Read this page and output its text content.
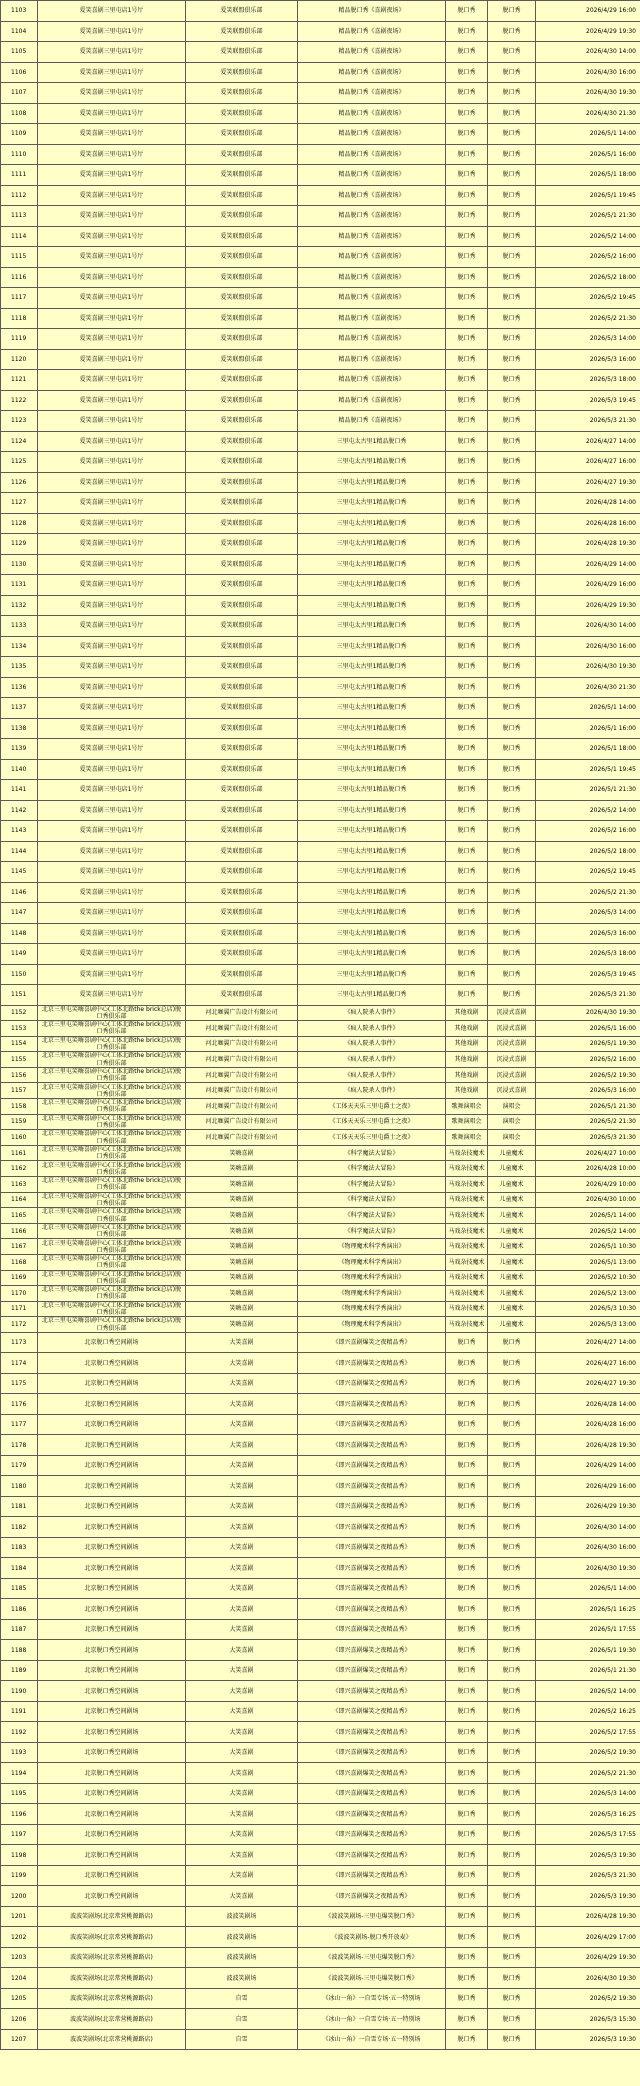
1103	爱笑喜剧三里屯店1号厅	爱笑联盟俱乐部	精品脱口秀《喜剧夜场》	脱口秀	脱口秀	2026/4/29 16:00
1104	爱笑喜剧三里屯店1号厅	爱笑联盟俱乐部	精品脱口秀《喜剧夜场》	脱口秀	脱口秀	2026/4/29 19:30
1105	爱笑喜剧三里屯店1号厅	爱笑联盟俱乐部	精品脱口秀《喜剧夜场》	脱口秀	脱口秀	2026/4/30 14:00
1106	爱笑喜剧三里屯店1号厅	爱笑联盟俱乐部	精品脱口秀《喜剧夜场》	脱口秀	脱口秀	2026/4/30 16:00
1107	爱笑喜剧三里屯店1号厅	爱笑联盟俱乐部	精品脱口秀《喜剧夜场》	脱口秀	脱口秀	2026/4/30 19:30
1108	爱笑喜剧三里屯店1号厅	爱笑联盟俱乐部	精品脱口秀《喜剧夜场》	脱口秀	脱口秀	2026/4/30 21:30
1109	爱笑喜剧三里屯店1号厅	爱笑联盟俱乐部	精品脱口秀《喜剧夜场》	脱口秀	脱口秀	2026/5/1 14:00
1110	爱笑喜剧三里屯店1号厅	爱笑联盟俱乐部	精品脱口秀《喜剧夜场》	脱口秀	脱口秀	2026/5/1 16:00
1111	爱笑喜剧三里屯店1号厅	爱笑联盟俱乐部	精品脱口秀《喜剧夜场》	脱口秀	脱口秀	2026/5/1 18:00
1112	爱笑喜剧三里屯店1号厅	爱笑联盟俱乐部	精品脱口秀《喜剧夜场》	脱口秀	脱口秀	2026/5/1 19:45
1113	爱笑喜剧三里屯店1号厅	爱笑联盟俱乐部	精品脱口秀《喜剧夜场》	脱口秀	脱口秀	2026/5/1 21:30
1114	爱笑喜剧三里屯店1号厅	爱笑联盟俱乐部	精品脱口秀《喜剧夜场》	脱口秀	脱口秀	2026/5/2 14:00
1115	爱笑喜剧三里屯店1号厅	爱笑联盟俱乐部	精品脱口秀《喜剧夜场》	脱口秀	脱口秀	2026/5/2 16:00
1116	爱笑喜剧三里屯店1号厅	爱笑联盟俱乐部	精品脱口秀《喜剧夜场》	脱口秀	脱口秀	2026/5/2 18:00
1117	爱笑喜剧三里屯店1号厅	爱笑联盟俱乐部	精品脱口秀《喜剧夜场》	脱口秀	脱口秀	2026/5/2 19:45
1118	爱笑喜剧三里屯店1号厅	爱笑联盟俱乐部	精品脱口秀《喜剧夜场》	脱口秀	脱口秀	2026/5/2 21:30
1119	爱笑喜剧三里屯店1号厅	爱笑联盟俱乐部	精品脱口秀《喜剧夜场》	脱口秀	脱口秀	2026/5/3 14:00
1120	爱笑喜剧三里屯店1号厅	爱笑联盟俱乐部	精品脱口秀《喜剧夜场》	脱口秀	脱口秀	2026/5/3 16:00
1121	爱笑喜剧三里屯店1号厅	爱笑联盟俱乐部	精品脱口秀《喜剧夜场》	脱口秀	脱口秀	2026/5/3 18:00
1122	爱笑喜剧三里屯店1号厅	爱笑联盟俱乐部	精品脱口秀《喜剧夜场》	脱口秀	脱口秀	2026/5/3 19:45
1123	爱笑喜剧三里屯店1号厅	爱笑联盟俱乐部	精品脱口秀《喜剧夜场》	脱口秀	脱口秀	2026/5/3 21:30
1124	爱笑喜剧三里屯店1号厅	爱笑联盟俱乐部	三里屯太古里1精品脱口秀	脱口秀	脱口秀	2026/4/27 14:00
1125	爱笑喜剧三里屯店1号厅	爱笑联盟俱乐部	三里屯太古里1精品脱口秀	脱口秀	脱口秀	2026/4/27 16:00
1126	爱笑喜剧三里屯店1号厅	爱笑联盟俱乐部	三里屯太古里1精品脱口秀	脱口秀	脱口秀	2026/4/27 19:30
1127	爱笑喜剧三里屯店1号厅	爱笑联盟俱乐部	三里屯太古里1精品脱口秀	脱口秀	脱口秀	2026/4/28 14:00
1128	爱笑喜剧三里屯店1号厅	爱笑联盟俱乐部	三里屯太古里1精品脱口秀	脱口秀	脱口秀	2026/4/28 16:00
1129	爱笑喜剧三里屯店1号厅	爱笑联盟俱乐部	三里屯太古里1精品脱口秀	脱口秀	脱口秀	2026/4/28 19:30
1130	爱笑喜剧三里屯店1号厅	爱笑联盟俱乐部	三里屯太古里1精品脱口秀	脱口秀	脱口秀	2026/4/29 14:00
1131	爱笑喜剧三里屯店1号厅	爱笑联盟俱乐部	三里屯太古里1精品脱口秀	脱口秀	脱口秀	2026/4/29 16:00
1132	爱笑喜剧三里屯店1号厅	爱笑联盟俱乐部	三里屯太古里1精品脱口秀	脱口秀	脱口秀	2026/4/29 19:30
1133	爱笑喜剧三里屯店1号厅	爱笑联盟俱乐部	三里屯太古里1精品脱口秀	脱口秀	脱口秀	2026/4/30 14:00
1134	爱笑喜剧三里屯店1号厅	爱笑联盟俱乐部	三里屯太古里1精品脱口秀	脱口秀	脱口秀	2026/4/30 16:00
1135	爱笑喜剧三里屯店1号厅	爱笑联盟俱乐部	三里屯太古里1精品脱口秀	脱口秀	脱口秀	2026/4/30 19:30
1136	爱笑喜剧三里屯店1号厅	爱笑联盟俱乐部	三里屯太古里1精品脱口秀	脱口秀	脱口秀	2026/4/30 21:30
1137	爱笑喜剧三里屯店1号厅	爱笑联盟俱乐部	三里屯太古里1精品脱口秀	脱口秀	脱口秀	2026/5/1 14:00
1138	爱笑喜剧三里屯店1号厅	爱笑联盟俱乐部	三里屯太古里1精品脱口秀	脱口秀	脱口秀	2026/5/1 16:00
1139	爱笑喜剧三里屯店1号厅	爱笑联盟俱乐部	三里屯太古里1精品脱口秀	脱口秀	脱口秀	2026/5/1 18:00
1140	爱笑喜剧三里屯店1号厅	爱笑联盟俱乐部	三里屯太古里1精品脱口秀	脱口秀	脱口秀	2026/5/1 19:45
1141	爱笑喜剧三里屯店1号厅	爱笑联盟俱乐部	三里屯太古里1精品脱口秀	脱口秀	脱口秀	2026/5/1 21:30
1142	爱笑喜剧三里屯店1号厅	爱笑联盟俱乐部	三里屯太古里1精品脱口秀	脱口秀	脱口秀	2026/5/2 14:00
1143	爱笑喜剧三里屯店1号厅	爱笑联盟俱乐部	三里屯太古里1精品脱口秀	脱口秀	脱口秀	2026/5/2 16:00
1144	爱笑喜剧三里屯店1号厅	爱笑联盟俱乐部	三里屯太古里1精品脱口秀	脱口秀	脱口秀	2026/5/2 18:00
1145	爱笑喜剧三里屯店1号厅	爱笑联盟俱乐部	三里屯太古里1精品脱口秀	脱口秀	脱口秀	2026/5/2 19:45
1146	爱笑喜剧三里屯店1号厅	爱笑联盟俱乐部	三里屯太古里1精品脱口秀	脱口秀	脱口秀	2026/5/2 21:30
1147	爱笑喜剧三里屯店1号厅	爱笑联盟俱乐部	三里屯太古里1精品脱口秀	脱口秀	脱口秀	2026/5/3 14:00
1148	爱笑喜剧三里屯店1号厅	爱笑联盟俱乐部	三里屯太古里1精品脱口秀	脱口秀	脱口秀	2026/5/3 16:00
1149	爱笑喜剧三里屯店1号厅	爱笑联盟俱乐部	三里屯太古里1精品脱口秀	脱口秀	脱口秀	2026/5/3 18:00
1150	爱笑喜剧三里屯店1号厅	爱笑联盟俱乐部	三里屯太古里1精品脱口秀	脱口秀	脱口秀	2026/5/3 19:45
1151	爱笑喜剧三里屯店1号厅	爱笑联盟俱乐部	三里屯太古里1精品脱口秀	脱口秀	脱口秀	2026/5/3 21:30
1152	北京三里屯笑嗨喜剧中心(工体北路the brick总店)脱口秀俱乐部	河北咖翼广告设计有限公司	《疯人院杀人事件》	其他戏剧	沉浸式喜剧	2026/4/30 19:30
1153	北京三里屯笑嗨喜剧中心(工体北路the brick总店)脱口秀俱乐部	河北咖翼广告设计有限公司	《疯人院杀人事件》	其他戏剧	沉浸式喜剧	2026/5/1 16:00
1154	北京三里屯笑嗨喜剧中心(工体北路the brick总店)脱口秀俱乐部	河北咖翼广告设计有限公司	《疯人院杀人事件》	其他戏剧	沉浸式喜剧	2026/5/1 19:30
1155	北京三里屯笑嗨喜剧中心(工体北路the brick总店)脱口秀俱乐部	河北咖翼广告设计有限公司	《疯人院杀人事件》	其他戏剧	沉浸式喜剧	2026/5/2 16:00
1156	北京三里屯笑嗨喜剧中心(工体北路the brick总店)脱口秀俱乐部	河北咖翼广告设计有限公司	《疯人院杀人事件》	其他戏剧	沉浸式喜剧	2026/5/2 19:30
1157	北京三里屯笑嗨喜剧中心(工体北路the brick总店)脱口秀俱乐部	河北咖翼广告设计有限公司	《疯人院杀人事件》	其他戏剧	沉浸式喜剧	2026/5/3 16:00
1158	北京三里屯笑嗨喜剧中心(工体北路the brick总店)脱口秀俱乐部	河北咖翼广告设计有限公司	《工体天天乐三里屯爵士之夜》	歌舞演唱会	演唱会	2026/5/1 21:30
1159	北京三里屯笑嗨喜剧中心(工体北路the brick总店)脱口秀俱乐部	河北咖翼广告设计有限公司	《工体天天乐三里屯爵士之夜》	歌舞演唱会	演唱会	2026/5/2 21:30
1160	北京三里屯笑嗨喜剧中心(工体北路the brick总店)脱口秀俱乐部	河北咖翼广告设计有限公司	《工体天天乐三里屯爵士之夜》	歌舞演唱会	演唱会	2026/5/3 21:30
1161	北京三里屯笑嗨喜剧中心(工体北路the brick总店)脱口秀俱乐部	笑嗨喜剧	《科学魔法大冒险》	马戏杂技魔术	儿童魔术	2026/4/27 10:00
1162	北京三里屯笑嗨喜剧中心(工体北路the brick总店)脱口秀俱乐部	笑嗨喜剧	《科学魔法大冒险》	马戏杂技魔术	儿童魔术	2026/4/28 10:00
1163	北京三里屯笑嗨喜剧中心(工体北路the brick总店)脱口秀俱乐部	笑嗨喜剧	《科学魔法大冒险》	马戏杂技魔术	儿童魔术	2026/4/29 10:00
1164	北京三里屯笑嗨喜剧中心(工体北路the brick总店)脱口秀俱乐部	笑嗨喜剧	《科学魔法大冒险》	马戏杂技魔术	儿童魔术	2026/4/30 10:00
1165	北京三里屯笑嗨喜剧中心(工体北路the brick总店)脱口秀俱乐部	笑嗨喜剧	《科学魔法大冒险》	马戏杂技魔术	儿童魔术	2026/5/1 14:00
1166	北京三里屯笑嗨喜剧中心(工体北路the brick总店)脱口秀俱乐部	笑嗨喜剧	《科学魔法大冒险》	马戏杂技魔术	儿童魔术	2026/5/2 14:00
1167	北京三里屯笑嗨喜剧中心(工体北路the brick总店)脱口秀俱乐部	笑嗨喜剧	《物理魔术科学秀演出》	马戏杂技魔术	儿童魔术	2026/5/1 10:30
1168	北京三里屯笑嗨喜剧中心(工体北路the brick总店)脱口秀俱乐部	笑嗨喜剧	《物理魔术科学秀演出》	马戏杂技魔术	儿童魔术	2026/5/1 13:00
1169	北京三里屯笑嗨喜剧中心(工体北路the brick总店)脱口秀俱乐部	笑嗨喜剧	《物理魔术科学秀演出》	马戏杂技魔术	儿童魔术	2026/5/2 10:30
1170	北京三里屯笑嗨喜剧中心(工体北路the brick总店)脱口秀俱乐部	笑嗨喜剧	《物理魔术科学秀演出》	马戏杂技魔术	儿童魔术	2026/5/2 13:00
1171	北京三里屯笑嗨喜剧中心(工体北路the brick总店)脱口秀俱乐部	笑嗨喜剧	《物理魔术科学秀演出》	马戏杂技魔术	儿童魔术	2026/5/3 10:30
1172	北京三里屯笑嗨喜剧中心(工体北路the brick总店)脱口秀俱乐部	笑嗨喜剧	《物理魔术科学秀演出》	马戏杂技魔术	儿童魔术	2026/5/3 13:00
1173	北京脱口秀空间剧场	大笑喜剧	《即兴喜剧爆笑之夜精品秀》	脱口秀	脱口秀	2026/4/27 14:00
1174	北京脱口秀空间剧场	大笑喜剧	《即兴喜剧爆笑之夜精品秀》	脱口秀	脱口秀	2026/4/27 16:00
1175	北京脱口秀空间剧场	大笑喜剧	《即兴喜剧爆笑之夜精品秀》	脱口秀	脱口秀	2026/4/27 19:30
1176	北京脱口秀空间剧场	大笑喜剧	《即兴喜剧爆笑之夜精品秀》	脱口秀	脱口秀	2026/4/28 14:00
1177	北京脱口秀空间剧场	大笑喜剧	《即兴喜剧爆笑之夜精品秀》	脱口秀	脱口秀	2026/4/28 16:00
1178	北京脱口秀空间剧场	大笑喜剧	《即兴喜剧爆笑之夜精品秀》	脱口秀	脱口秀	2026/4/28 19:30
1179	北京脱口秀空间剧场	大笑喜剧	《即兴喜剧爆笑之夜精品秀》	脱口秀	脱口秀	2026/4/29 14:00
1180	北京脱口秀空间剧场	大笑喜剧	《即兴喜剧爆笑之夜精品秀》	脱口秀	脱口秀	2026/4/29 16:00
1181	北京脱口秀空间剧场	大笑喜剧	《即兴喜剧爆笑之夜精品秀》	脱口秀	脱口秀	2026/4/29 19:30
1182	北京脱口秀空间剧场	大笑喜剧	《即兴喜剧爆笑之夜精品秀》	脱口秀	脱口秀	2026/4/30 14:00
1183	北京脱口秀空间剧场	大笑喜剧	《即兴喜剧爆笑之夜精品秀》	脱口秀	脱口秀	2026/4/30 16:00
1184	北京脱口秀空间剧场	大笑喜剧	《即兴喜剧爆笑之夜精品秀》	脱口秀	脱口秀	2026/4/30 19:30
1185	北京脱口秀空间剧场	大笑喜剧	《即兴喜剧爆笑之夜精品秀》	脱口秀	脱口秀	2026/5/1 14:00
1186	北京脱口秀空间剧场	大笑喜剧	《即兴喜剧爆笑之夜精品秀》	脱口秀	脱口秀	2026/5/1 16:25
1187	北京脱口秀空间剧场	大笑喜剧	《即兴喜剧爆笑之夜精品秀》	脱口秀	脱口秀	2026/5/1 17:55
1188	北京脱口秀空间剧场	大笑喜剧	《即兴喜剧爆笑之夜精品秀》	脱口秀	脱口秀	2026/5/1 19:30
1189	北京脱口秀空间剧场	大笑喜剧	《即兴喜剧爆笑之夜精品秀》	脱口秀	脱口秀	2026/5/1 21:30
1190	北京脱口秀空间剧场	大笑喜剧	《即兴喜剧爆笑之夜精品秀》	脱口秀	脱口秀	2026/5/2 14:00
1191	北京脱口秀空间剧场	大笑喜剧	《即兴喜剧爆笑之夜精品秀》	脱口秀	脱口秀	2026/5/2 16:25
1192	北京脱口秀空间剧场	大笑喜剧	《即兴喜剧爆笑之夜精品秀》	脱口秀	脱口秀	2026/5/2 17:55
1193	北京脱口秀空间剧场	大笑喜剧	《即兴喜剧爆笑之夜精品秀》	脱口秀	脱口秀	2026/5/2 19:30
1194	北京脱口秀空间剧场	大笑喜剧	《即兴喜剧爆笑之夜精品秀》	脱口秀	脱口秀	2026/5/2 21:30
1195	北京脱口秀空间剧场	大笑喜剧	《即兴喜剧爆笑之夜精品秀》	脱口秀	脱口秀	2026/5/3 14:00
1196	北京脱口秀空间剧场	大笑喜剧	《即兴喜剧爆笑之夜精品秀》	脱口秀	脱口秀	2026/5/3 16:25
1197	北京脱口秀空间剧场	大笑喜剧	《即兴喜剧爆笑之夜精品秀》	脱口秀	脱口秀	2026/5/3 17:55
1198	北京脱口秀空间剧场	大笑喜剧	《即兴喜剧爆笑之夜精品秀》	脱口秀	脱口秀	2026/5/3 19:30
1199	北京脱口秀空间剧场	大笑喜剧	《即兴喜剧爆笑之夜精品秀》	脱口秀	脱口秀	2026/5/3 21:30
1200	北京脱口秀空间剧场	大笑喜剧	《即兴喜剧爆笑之夜精品秀》	脱口秀	脱口秀	2026/5/3 19:30
1201	波波笑剧场(北京常营桃源路店)	波波笑剧场	《波波笑剧场-三里屯爆笑脱口秀》	脱口秀	脱口秀	2026/4/28 19:30
1202	波波笑剧场(北京常营桃源路店)	波波笑剧场	《波波笑剧场-脱口秀开放麦》	脱口秀	脱口秀	2026/4/29 17:00
1203	波波笑剧场(北京常营桃源路店)	波波笑剧场	《波波笑剧场-三里屯爆笑脱口秀》	脱口秀	脱口秀	2026/4/29 19:30
1204	波波笑剧场(北京常营桃源路店)	波波笑剧场	《波波笑剧场-三里屯爆笑脱口秀》	脱口秀	脱口秀	2026/4/30 19:30
1205	波波笑剧场(北京常营桃源路店)	自雪	《冰山一角》一自雪专场·五一特别场	脱口秀	脱口秀	2026/5/2 19:30
1206	波波笑剧场(北京常营桃源路店)	自雪	《冰山一角》一自雪专场·五一特别场	脱口秀	脱口秀	2026/5/3 15:30
1207	波波笑剧场(北京常营桃源路店)	自雪	《冰山一角》一自雪专场·五一特别场	脱口秀	脱口秀	2026/5/3 19:30
